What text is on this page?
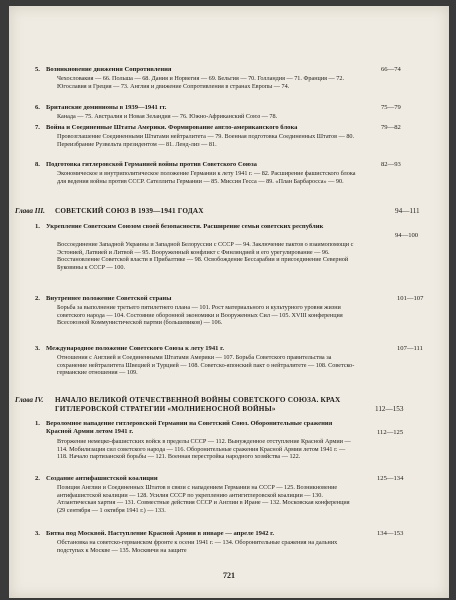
5. Возникновение движения Сопротивления	66—74
Чехословакия — 66. Польша — 68. Дания и Норвегия — 69. Бельгия — 70. Голландия — 71. Франция — 72. Югославия и Греция — 73. Англия и движение Сопротивления в странах Европы — 74.
6. Британские доминионы в 1939—1941 гг.	75—79
Канада — 75. Австралия и Новая Зеландия — 76. Южно-Африканский Союз — 78.
7. Война и Соединенные Штаты Америки. Формирование англо-американского блока	79—82
Провозглашение Соединенными Штатами нейтралитета — 79. Военная подготовка Соединенных Штатов — 80. Переизбрание Рузвельта президентом — 81. Ленд-лиз — 81.
8. Подготовка гитлеровской Германией войны против Советского Союза	82—93
Экономическое и внутриполитическое положение Германии к лету 1941 г. — 82. Расширение фашистского блока для ведения войны против СССР. Сателлиты Германии — 85. Миссия Гесса — 89. «План Барбаросса» — 90.
Глава III. СОВЕТСКИЙ СОЮЗ В 1939—1941 ГОДАХ	94—111
1. Укрепление Советским Союзом своей безопасности. Расширение семьи советских республик
94—100
Воссоединение Западной Украины и Западной Белоруссии с СССР — 94. Заключение пактов о взаимопомощи с Эстонией, Латвией и Литвой — 95. Вооруженный конфликт с Финляндией и его урегулирование — 96. Восстановление Советской власти в Прибалтике — 98. Освобождение Бессарабии и присоединение Северной Буковины к СССР — 100.
2. Внутреннее положение Советской страны	101—107
Борьба за выполнение третьего пятилетнего плана — 101. Рост материального и культурного уровня жизни советского народа — 104. Состояние оборонной экономики и Вооруженных Сил — 105. XVIII конференция Всесоюзной Коммунистической партии (большевиков) — 106.
3. Международное положение Советского Союза к лету 1941 г.	107—111
Отношения с Англией и Соединенными Штатами Америки — 107. Борьба Советского правительства за сохранение нейтралитета Швецией и Турцией — 108. Советско-японский пакт о нейтралитете — 108. Советско-германские отношения — 109.
Глава IV. НАЧАЛО ВЕЛИКОЙ ОТЕЧЕСТВЕННОЙ ВОЙНЫ СОВЕТСКОГО СОЮЗА. КРАХ ГИТЛЕРОВСКОЙ СТРАТЕГИИ «МОЛНИЕНОСНОЙ ВОЙНЫ»	112—153
1. Вероломное нападение гитлеровской Германии на Советский Союз. Оборонительные сражения Красной Армии летом 1941 г.	112—125
Вторжение немецко-фашистских войск в пределы СССР — 112. Вынужденное отступление Красной Армии — 114. Мобилизация сил советского народа — 116. Оборонительные сражения Красной Армии летом 1941 г. — 118. Начало партизанской борьбы — 121. Военная перестройка народного хозяйства — 122.
2. Создание антифашистской коалиции	125—134
Позиция Англии и Соединенных Штатов в связи с нападением Германии на СССР — 125. Возникновение антифашистской коалиции — 128. Усилия СССР по укреплению антигитлеровской коалиции — 130. Атлантическая хартия — 131. Совместные действия СССР и Англии в Иране — 132. Московская конференция (29 сентября — 1 октября 1941 г.) — 133.
3. Битва под Москвой. Наступление Красной Армии в январе — апреле 1942 г.	134—153
Обстановка на советско-германском фронте к осени 1941 г. — 134. Оборонительные сражения на дальних подступах к Москве — 135. Москвичи на защите
721
